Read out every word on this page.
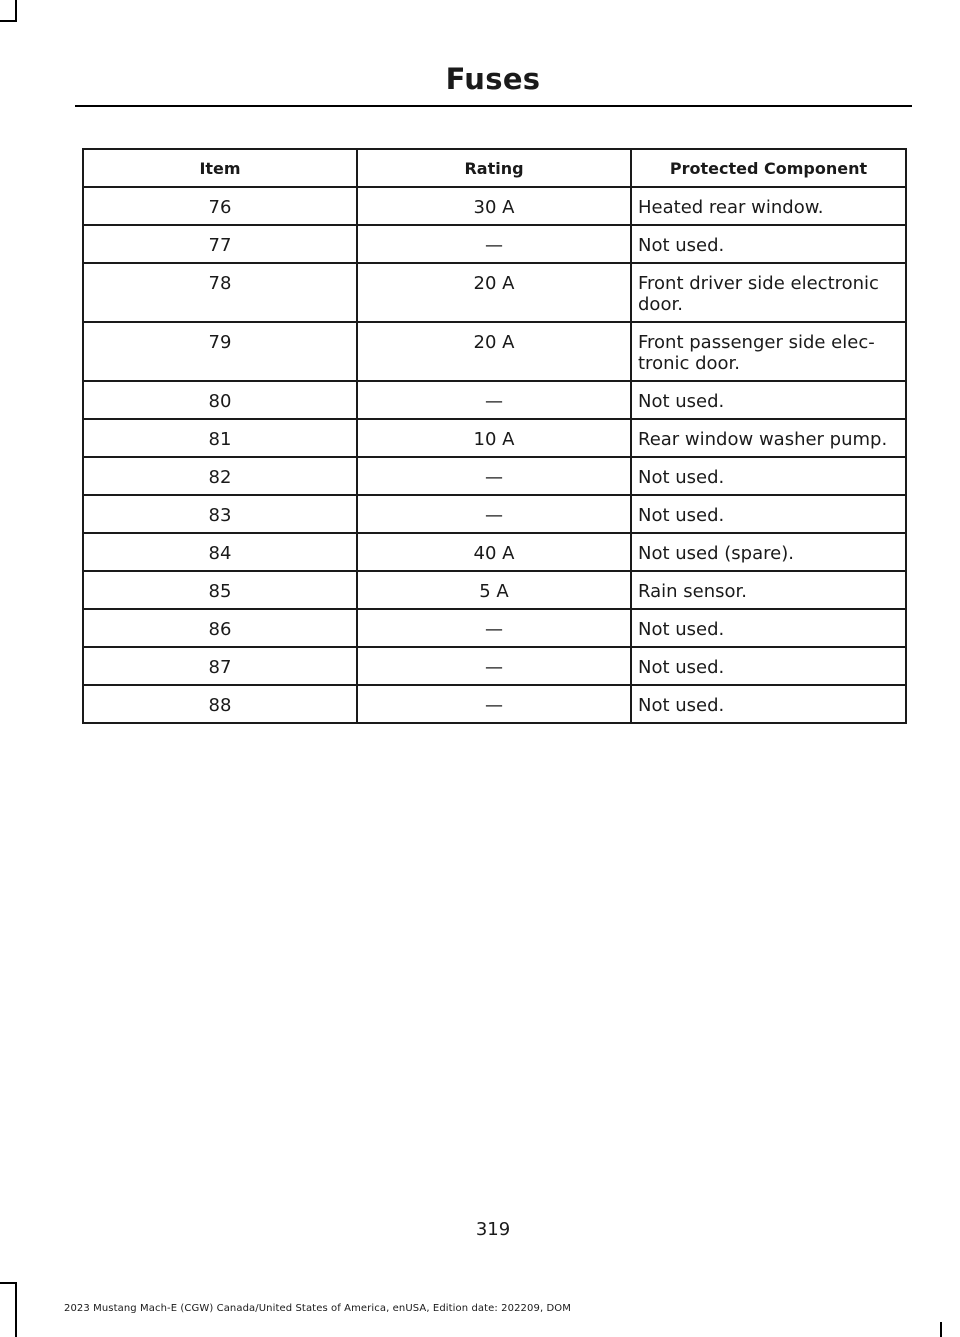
Fuses
Item	Rating	Protected Component
76	30 A	Heated rear window.
77	—	Not used.
78	20 A	Front driver side electronic door.
79	20 A	Front passenger side elec- tronic door.
80	—	Not used.
81	10 A	Rear window washer pump.
82	—	Not used.
83	—	Not used.
84	40 A	Not used (spare).
85	5 A	Rain sensor.
86	—	Not used.
87	—	Not used.
88	—	Not used.
319
2023 Mustang Mach-E (CGW) Canada/United States of America, enUSA, Edition date: 202209, DOM
